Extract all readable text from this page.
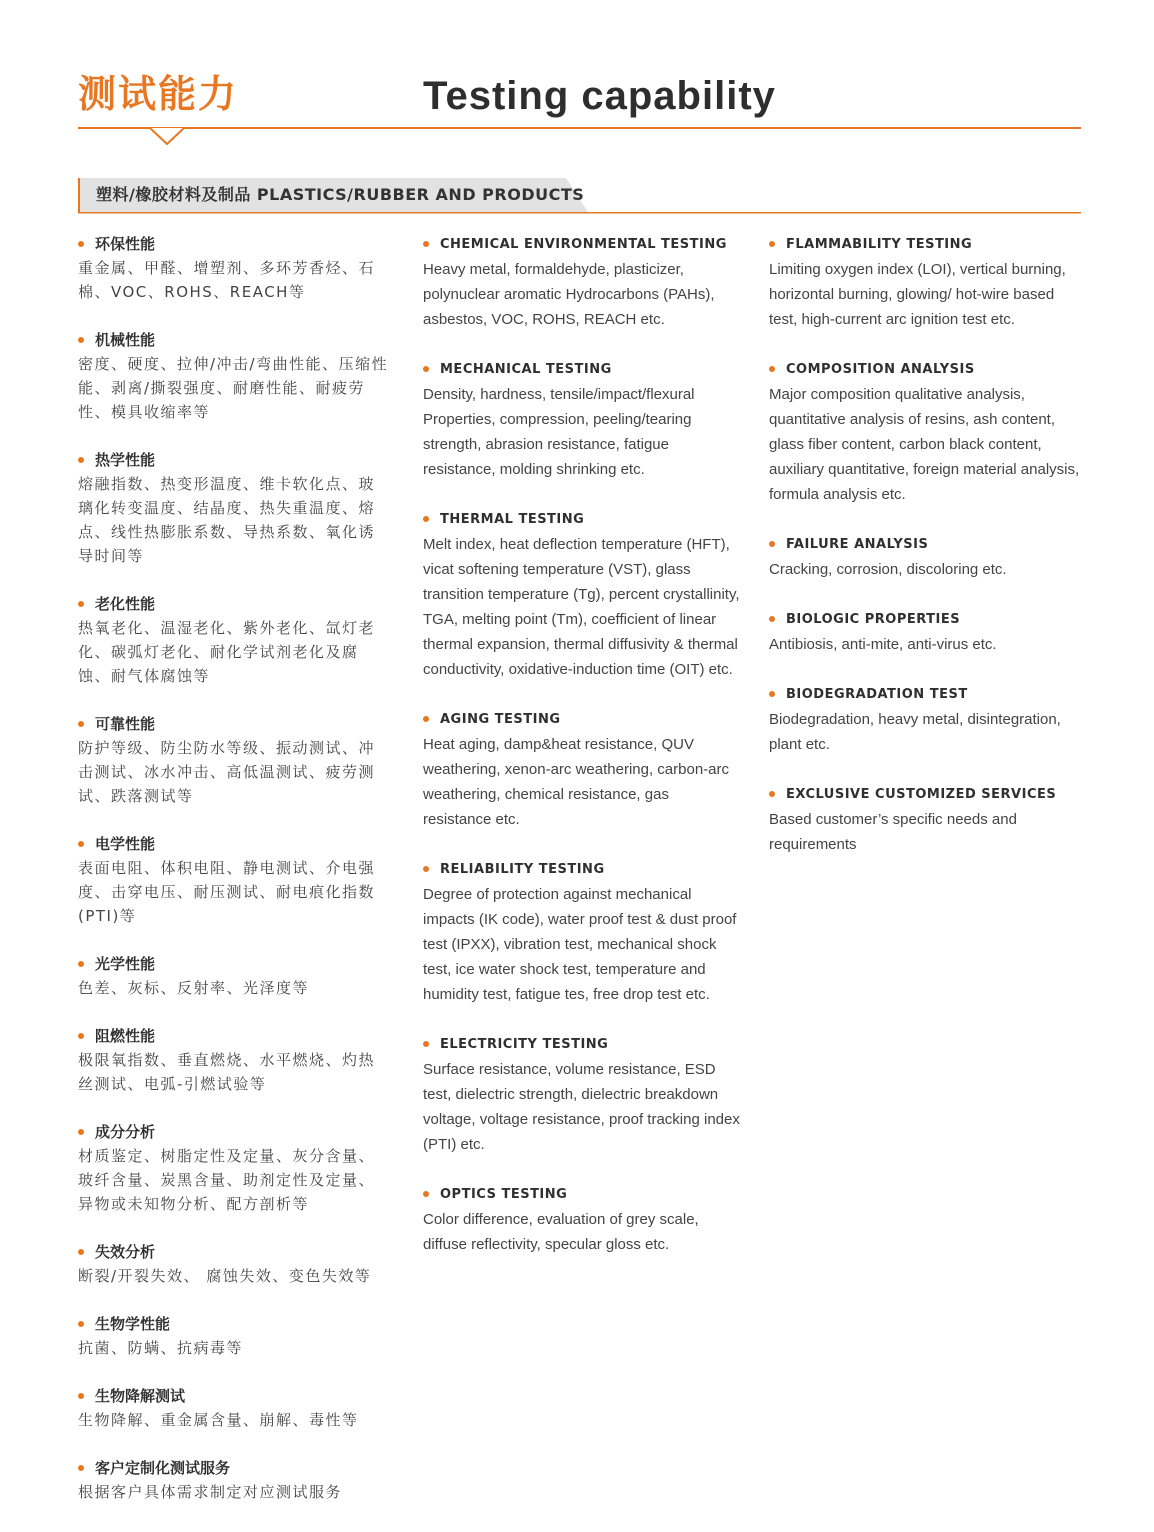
测试能力	Testing capability
塑料/橡胶材料及制品 PLASTICS/RUBBER AND PRODUCTS

环保性能

重金属、甲醛、增塑剂、多环芳香烃、石棉、VOC、ROHS、REACH等

机械性能

密度、硬度、拉伸/冲击/弯曲性能、压缩性能、剥离/撕裂强度、耐磨性能、耐疲劳性、模具收缩率等

热学性能

熔融指数、热变形温度、维卡软化点、玻璃化转变温度、结晶度、热失重温度、熔点、线性热膨胀系数、导热系数、氧化诱导时间等

老化性能

热氧老化、温湿老化、紫外老化、氙灯老化、碳弧灯老化、耐化学试剂老化及腐蚀、耐气体腐蚀等

可靠性能

防护等级、防尘防水等级、振动测试、冲击测试、冰水冲击、高低温测试、疲劳测试、跌落测试等

电学性能

表面电阻、体积电阻、静电测试、介电强度、击穿电压、耐压测试、耐电痕化指数(PTI)等

光学性能

色差、灰标、反射率、光泽度等

阻燃性能

极限氧指数、垂直燃烧、水平燃烧、灼热丝测试、电弧-引燃试验等

成分分析

材质鉴定、树脂定性及定量、灰分含量、玻纤含量、炭黑含量、助剂定性及定量、异物或未知物分析、配方剖析等

失效分析

断裂/开裂失效、 腐蚀失效、变色失效等

生物学性能

抗菌、防螨、抗病毒等

生物降解测试

生物降解、重金属含量、崩解、毒性等

客户定制化测试服务

根据客户具体需求制定对应测试服务

CHEMICAL ENVIRONMENTAL TESTING

Heavy metal, formaldehyde, plasticizer, polynuclear aromatic Hydrocarbons (PAHs), asbestos, VOC, ROHS, REACH etc.

MECHANICAL TESTING

Density, hardness, tensile/impact/flexural Properties, compression, peeling/tearing strength, abrasion resistance, fatigue resistance, molding shrinking etc.

THERMAL TESTING

Melt index, heat deflection temperature (HFT), vicat softening temperature (VST), glass transition temperature (Tg), percent crystallinity, TGA, melting point (Tm), coefficient of linear thermal expansion, thermal diffusivity & thermal conductivity, oxidative-induction time (OIT) etc.

AGING TESTING

Heat aging, damp&heat resistance, QUV weathering, xenon-arc weathering, carbon-arc weathering, chemical resistance, gas resistance etc.

RELIABILITY TESTING

Degree of protection against mechanical impacts (IK code), water proof test & dust proof test (IPXX), vibration test, mechanical shock test, ice water shock test, temperature and humidity test, fatigue tes, free drop test etc.

ELECTRICITY TESTING

Surface resistance, volume resistance, ESD test, dielectric strength, dielectric breakdown voltage, voltage resistance, proof tracking index (PTI) etc.

OPTICS TESTING

Color difference, evaluation of grey scale, diffuse reflectivity, specular gloss etc.

FLAMMABILITY TESTING

Limiting oxygen index (LOI), vertical burning, horizontal burning, glowing/ hot-wire based test, high-current arc ignition test etc.

COMPOSITION ANALYSIS

Major composition qualitative analysis, quantitative analysis of resins, ash content, glass fiber content, carbon black content, auxiliary quantitative, foreign material analysis, formula analysis etc.

FAILURE ANALYSIS

Cracking, corrosion, discoloring etc.

BIOLOGIC PROPERTIES

Antibiosis, anti-mite, anti-virus etc.

BIODEGRADATION TEST

Biodegradation, heavy metal, disintegration, plant etc.

EXCLUSIVE CUSTOMIZED SERVICES

Based customer’s specific needs and requirements
